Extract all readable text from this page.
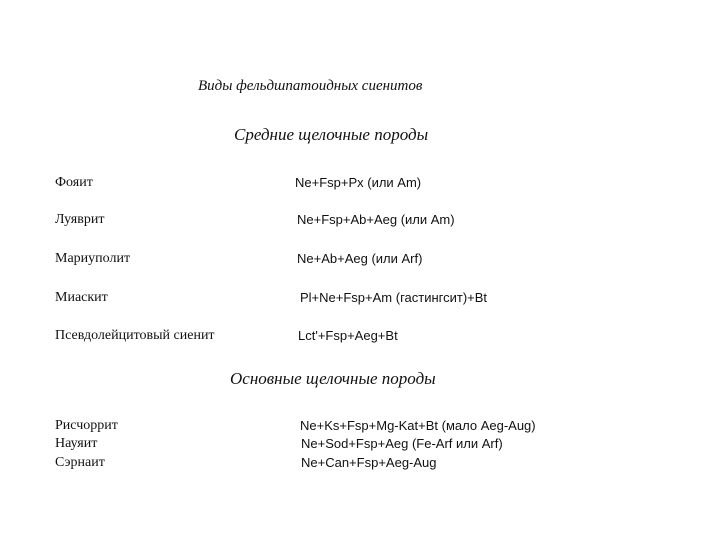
Виды фельдшпатоидных сиенитов
Средние щелочные породы
Фояит	Ne+Fsp+Px (или Am)
Луяврит	Ne+Fsp+Ab+Aeg (или Am)
Мариуполит	Ne+Ab+Aeg (или Arf)
Миаскит	Pl+Ne+Fsp+Am (гастингсит)+Bt
Псевдолейцитовый сиенит	Lct'+Fsp+Aeg+Bt
Основные щелочные породы
Рисчоррит	Ne+Ks+Fsp+Mg-Kat+Bt (мало Aeg-Aug)
Науяит	Ne+Sod+Fsp+Aeg (Fe-Arf или Arf)
Сэрнаит	Ne+Can+Fsp+Aeg-Aug
